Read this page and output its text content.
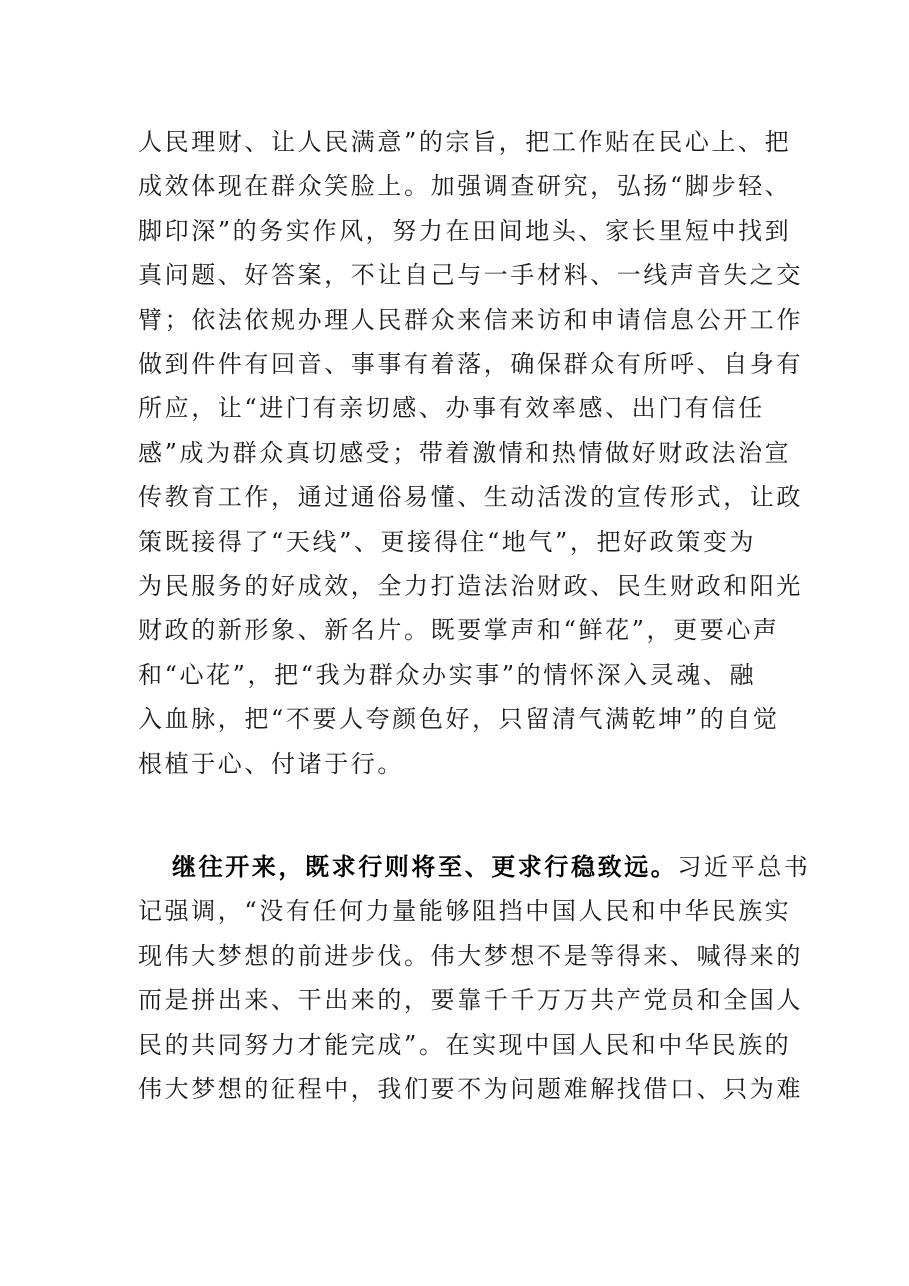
人民理财、让人民满意”的宗旨，把工作贴在民心上、把
成效体现在群众笑脸上。加强调查研究，弘扬“脚步轻、
脚印深”的务实作风，努力在田间地头、家长里短中找到
真问题、好答案，不让自己与一手材料、一线声音失之交
臂；依法依规办理人民群众来信来访和申请信息公开工作
做到件件有回音、事事有着落，确保群众有所呼、自身有
所应，让“进门有亲切感、办事有效率感、出门有信任
感”成为群众真切感受；带着激情和热情做好财政法治宣
传教育工作，通过通俗易懂、生动活泼的宣传形式，让政
策既接得了“天线”、更接得住“地气”，把好政策变为
为民服务的好成效，全力打造法治财政、民生财政和阳光
财政的新形象、新名片。既要掌声和“鲜花”，更要心声
和“心花”，把“我为群众办实事”的情怀深入灵魂、融
入血脉，把“不要人夸颜色好，只留清气满乾坤”的自觉
根植于心、付诸于行。

继往开来，既求行则将至、更求行稳致远。习近平总书
记强调，“没有任何力量能够阻挡中国人民和中华民族实
现伟大梦想的前进步伐。伟大梦想不是等得来、喊得来的
而是拼出来、干出来的，要靠千千万万共产党员和全国人
民的共同努力才能完成”。在实现中国人民和中华民族的
伟大梦想的征程中，我们要不为问题难解找借口、只为难
